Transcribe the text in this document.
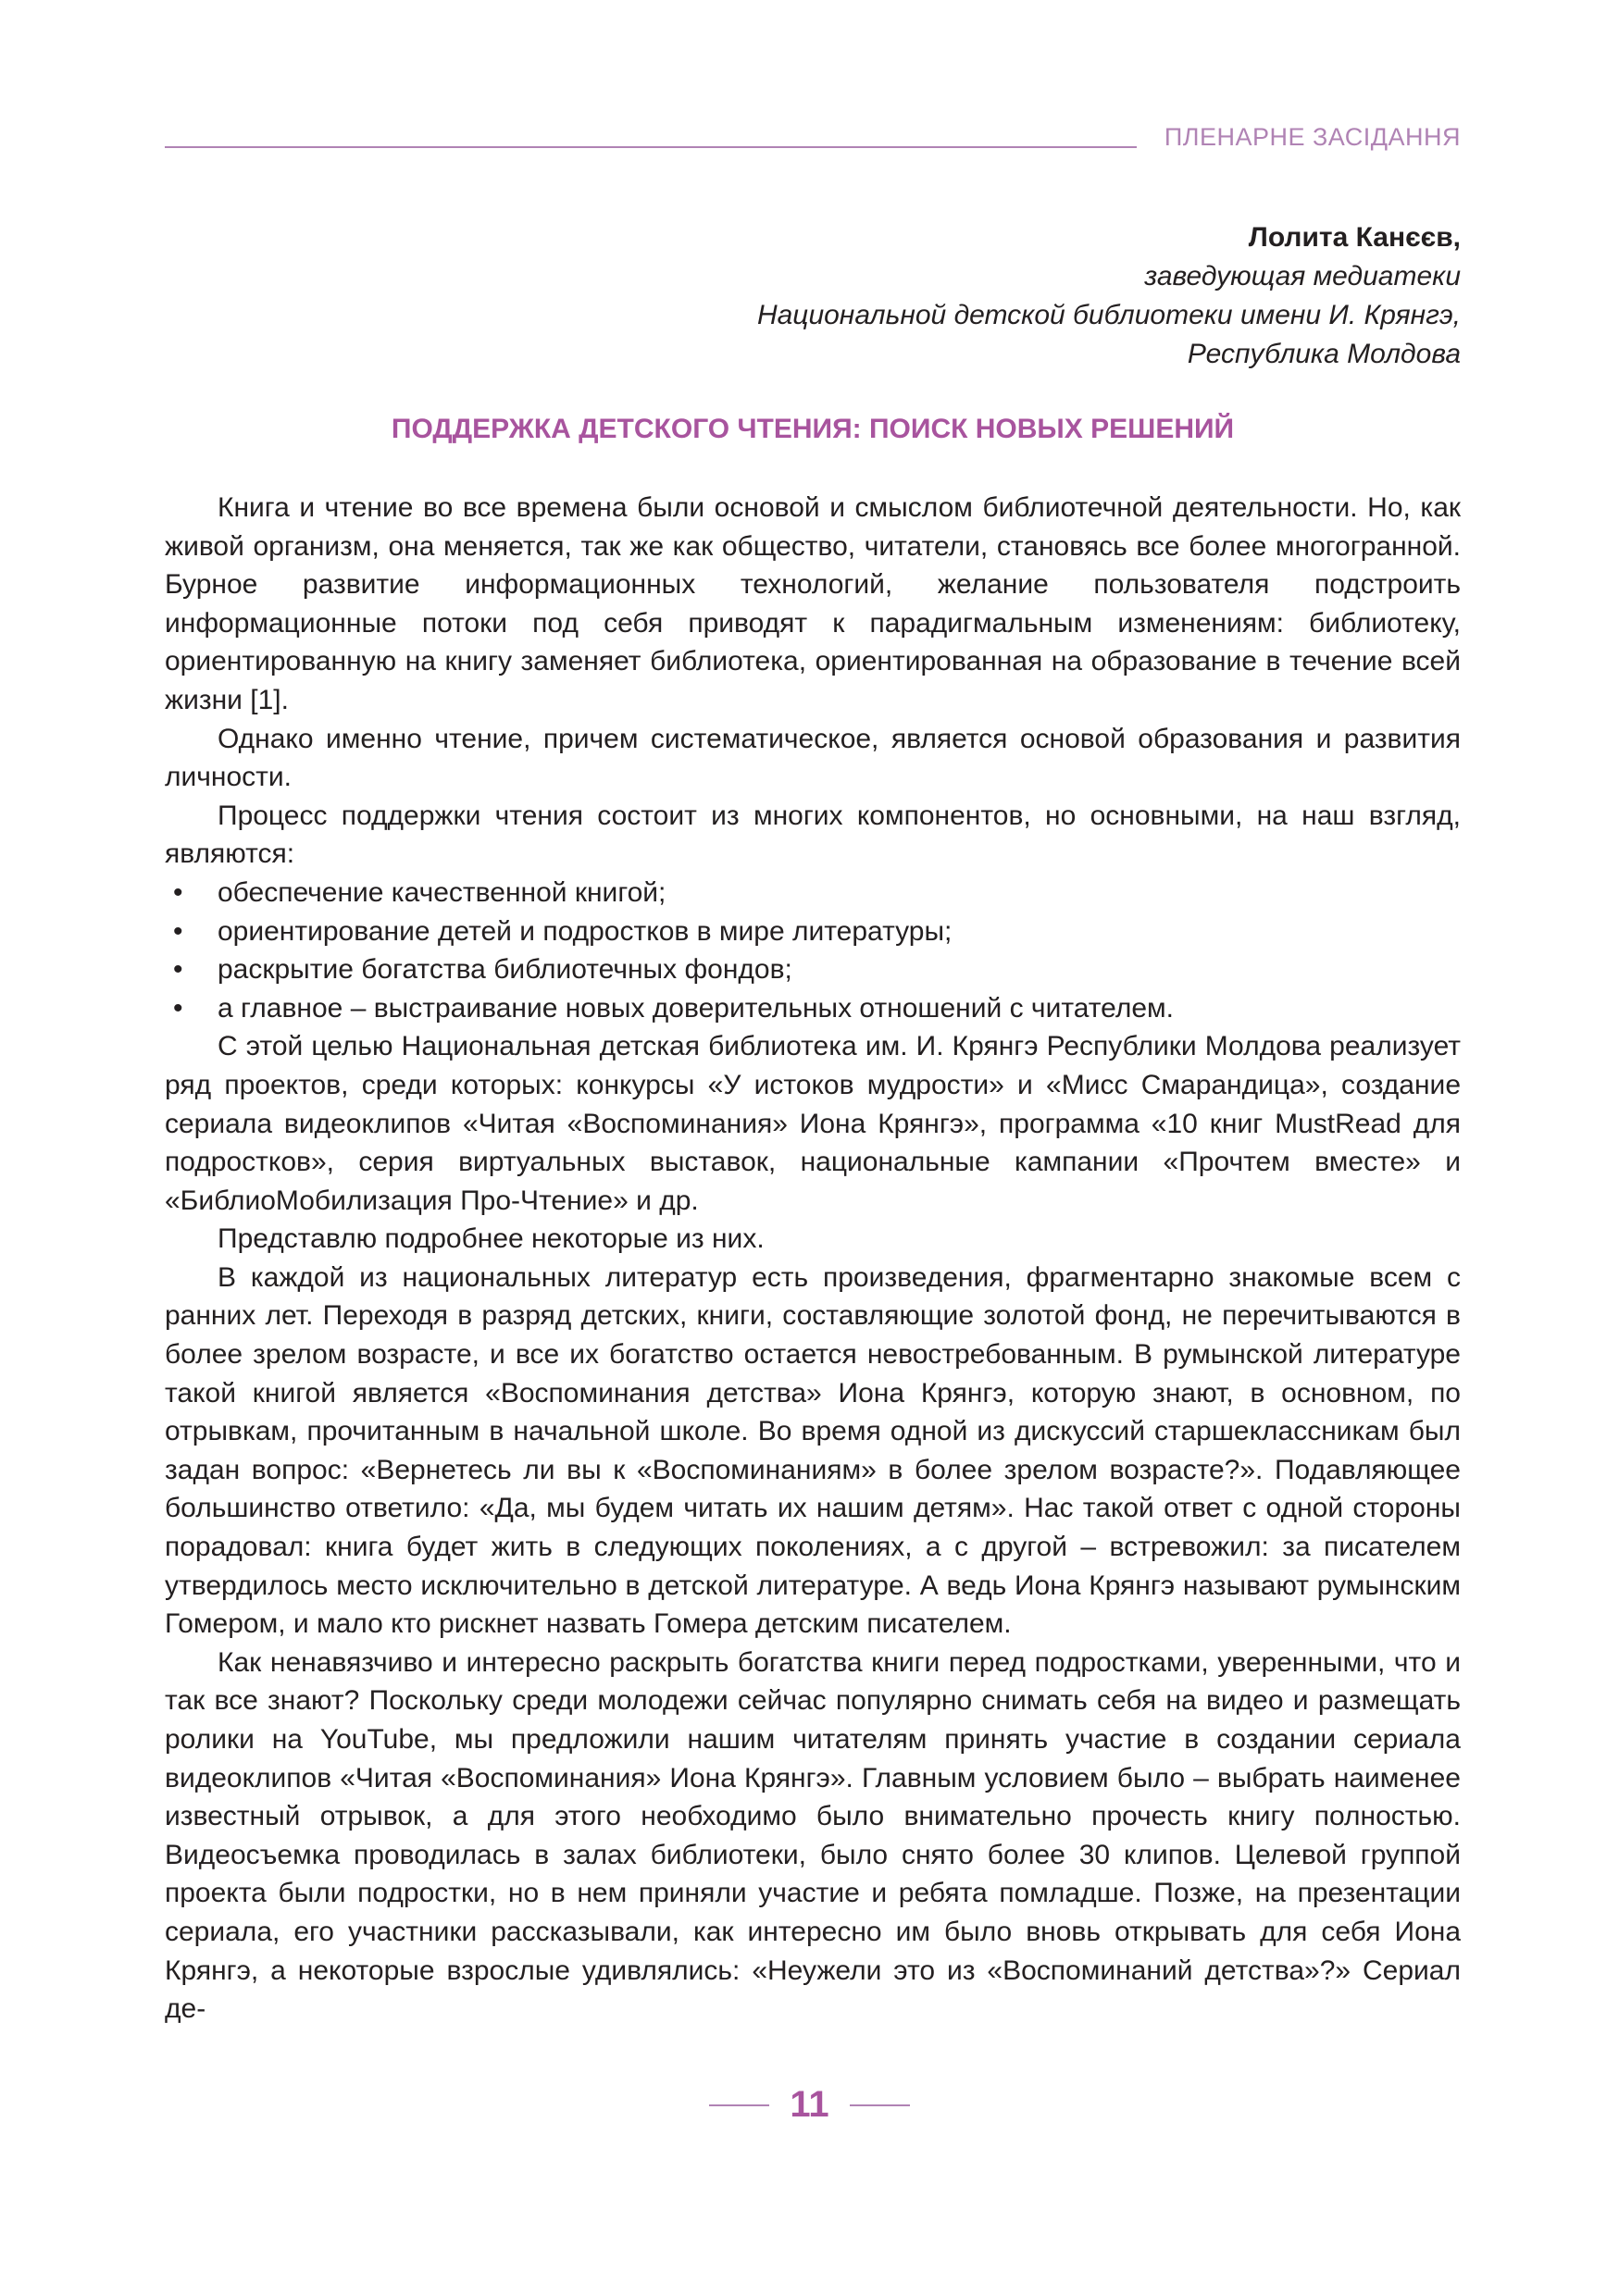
ПЛЕНАРНЕ ЗАСІДАННЯ
Лолита Канєєв,
заведующая медиатеки
Национальной детской библиотеки имени И. Крянгэ,
Республика Молдова
ПОДДЕРЖКА ДЕТСКОГО ЧТЕНИЯ: ПОИСК НОВЫХ РЕШЕНИЙ

Книга и чтение во все времена были основой и смыслом библиотечной деятельности. Но, как живой организм, она меняется, так же как общество, читатели, становясь все более многогранной. Бурное развитие информационных технологий, желание пользователя подстроить информационные потоки под себя приводят к парадигмальным изменениям: библиотеку, ориентированную на книгу заменяет библиотека, ориентированная на образование в течение всей жизни [1].

Однако именно чтение, причем систематическое, является основой образования и развития личности.

Процесс поддержки чтения состоит из многих компонентов, но основными, на наш взгляд, являются:

• обеспечение качественной книгой;
• ориентирование детей и подростков в мире литературы;
• раскрытие богатства библиотечных фондов;
• а главное – выстраивание новых доверительных отношений с читателем.

С этой целью Национальная детская библиотека им. И. Крянгэ Республики Молдова реализует ряд проектов, среди которых: конкурсы «У истоков мудрости» и «Мисс Смарандица», создание сериала видеоклипов «Читая «Воспоминания» Иона Крянгэ», программа «10 книг MustRead для подростков», серия виртуальных выставок, национальные кампании «Прочтем вместе» и «БиблиоМобилизация Про-Чтение» и др.

Представлю подробнее некоторые из них.

В каждой из национальных литератур есть произведения, фрагментарно знакомые всем с ранних лет. Переходя в разряд детских, книги, составляющие золотой фонд, не перечитываются в более зрелом возрасте, и все их богатство остается невостребованным. В румынской литературе такой книгой является «Воспоминания детства» Иона Крянгэ, которую знают, в основном, по отрывкам, прочитанным в начальной школе. Во время одной из дискуссий старшеклассникам был задан вопрос: «Вернетесь ли вы к «Воспоминаниям» в более зрелом возрасте?». Подавляющее большинство ответило: «Да, мы будем читать их нашим детям». Нас такой ответ с одной стороны порадовал: книга будет жить в следующих поколениях, а с другой – встревожил: за писателем утвердилось место исключительно в детской литературе. А ведь Иона Крянгэ называют румынским Гомером, и мало кто рискнет назвать Гомера детским писателем.

Как ненавязчиво и интересно раскрыть богатства книги перед подростками, уверенными, что и так все знают? Поскольку среди молодежи сейчас популярно снимать себя на видео и размещать ролики на YouTube, мы предложили нашим читателям принять участие в создании сериала видеоклипов «Читая «Воспоминания» Иона Крянгэ». Главным условием было – выбрать наименее известный отрывок, а для этого необходимо было внимательно прочесть книгу полностью. Видеосъемка проводилась в залах библиотеки, было снято более 30 клипов. Целевой группой проекта были подростки, но в нем приняли участие и ребята помладше. Позже, на презентации сериала, его участники рассказывали, как интересно им было вновь открывать для себя Иона Крянгэ, а некоторые взрослые удивлялись: «Неужели это из «Воспоминаний детства»?» Сериал де-

11
